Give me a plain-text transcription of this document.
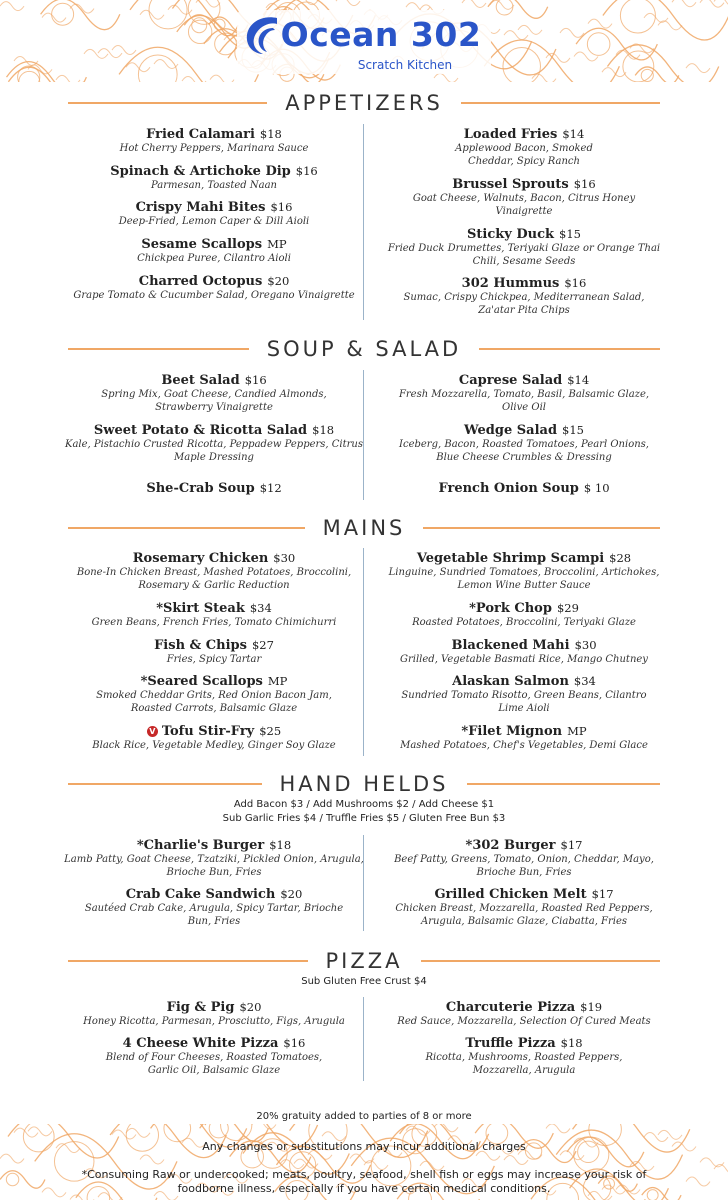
Ocean 302
Scratch Kitchen
APPETIZERS
Fried Calamari $18
Hot Cherry Peppers, Marinara Sauce
Spinach & Artichoke Dip $16
Parmesan, Toasted Naan
Crispy Mahi Bites $16
Deep-Fried, Lemon Caper & Dill Aioli
Sesame Scallops MP
Chickpea Puree, Cilantro Aioli
Charred Octopus $20
Grape Tomato & Cucumber Salad, Oregano Vinaigrette
Loaded Fries $14
Applewood Bacon, Smoked Cheddar, Spicy Ranch
Brussel Sprouts $16
Goat Cheese, Walnuts, Bacon, Citrus Honey Vinaigrette
Sticky Duck $15
Fried Duck Drumettes, Teriyaki Glaze or Orange Thai Chili, Sesame Seeds
302 Hummus $16
Sumac, Crispy Chickpea, Mediterranean Salad, Za'atar Pita Chips
SOUP & SALAD
Beet Salad $16
Spring Mix, Goat Cheese, Candied Almonds, Strawberry Vinaigrette
Sweet Potato & Ricotta Salad $18
Kale, Pistachio Crusted Ricotta, Peppadew Peppers, Citrus Maple Dressing
She-Crab Soup $12
Caprese Salad $14
Fresh Mozzarella, Tomato, Basil, Balsamic Glaze, Olive Oil
Wedge Salad $15
Iceberg, Bacon, Roasted Tomatoes, Pearl Onions, Blue Cheese Crumbles & Dressing
French Onion Soup $ 10
MAINS
Rosemary Chicken $30
Bone-In Chicken Breast, Mashed Potatoes, Broccolini, Rosemary & Garlic Reduction
*Skirt Steak $34
Green Beans, French Fries, Tomato Chimichurri
Fish & Chips $27
Fries, Spicy Tartar
*Seared Scallops MP
Smoked Cheddar Grits, Red Onion Bacon Jam, Roasted Carrots, Balsamic Glaze
V Tofu Stir-Fry $25
Black Rice, Vegetable Medley, Ginger Soy Glaze
Vegetable Shrimp Scampi $28
Linguine, Sundried Tomatoes, Broccolini, Artichokes, Lemon Wine Butter Sauce
*Pork Chop $29
Roasted Potatoes, Broccolini, Teriyaki Glaze
Blackened Mahi $30
Grilled, Vegetable Basmati Rice, Mango Chutney
Alaskan Salmon $34
Sundried Tomato Risotto, Green Beans, Cilantro Lime Aioli
*Filet Mignon MP
Mashed Potatoes, Chef's Vegetables, Demi Glace
HAND HELDS
Add Bacon $3 / Add Mushrooms $2 / Add Cheese $1
Sub Garlic Fries $4 / Truffle Fries $5 / Gluten Free Bun $3
*Charlie's Burger $18
Lamb Patty, Goat Cheese, Tzatziki, Pickled Onion, Arugula, Brioche Bun, Fries
Crab Cake Sandwich $20
Sautéed Crab Cake, Arugula, Spicy Tartar, Brioche Bun, Fries
*302 Burger $17
Beef Patty, Greens, Tomato, Onion, Cheddar, Mayo, Brioche Bun, Fries
Grilled Chicken Melt $17
Chicken Breast, Mozzarella, Roasted Red Peppers, Arugula, Balsamic Glaze, Ciabatta, Fries
PIZZA
Sub Gluten Free Crust $4
Fig & Pig $20
Honey Ricotta, Parmesan, Prosciutto, Figs, Arugula
4 Cheese White Pizza $16
Blend of Four Cheeses, Roasted Tomatoes, Garlic Oil, Balsamic Glaze
Charcuterie Pizza $19
Red Sauce, Mozzarella, Selection Of Cured Meats
Truffle Pizza $18
Ricotta, Mushrooms, Roasted Peppers, Mozzarella, Arugula
20% gratuity added to parties of 8 or more
Any changes or substitutions may incur additional charges
*Consuming Raw or undercooked; meats, poultry, seafood, shell fish or eggs may increase your risk of foodborne illness, especially if you have certain medical conditions.
